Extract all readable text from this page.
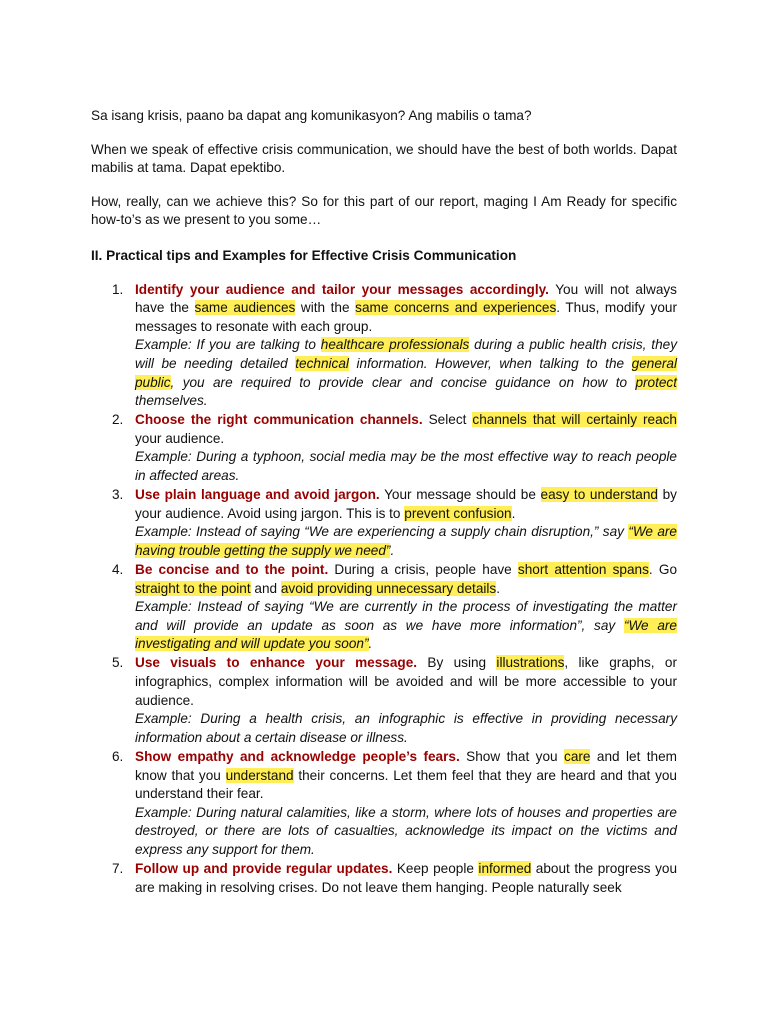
Sa isang krisis, paano ba dapat ang komunikasyon? Ang mabilis o tama?

When we speak of effective crisis communication, we should have the best of both worlds. Dapat mabilis at tama. Dapat epektibo.

How, really, can we achieve this? So for this part of our report, maging I Am Ready for specific how-to’s as we present to you some…

II. Practical tips and Examples for Effective Crisis Communication
1. Identify your audience and tailor your messages accordingly. You will not always have the same audiences with the same concerns and experiences. Thus, modify your messages to resonate with each group.
Example: If you are talking to healthcare professionals during a public health crisis, they will be needing detailed technical information. However, when talking to the general public, you are required to provide clear and concise guidance on how to protect themselves.
2. Choose the right communication channels. Select channels that will certainly reach your audience.
Example: During a typhoon, social media may be the most effective way to reach people in affected areas.
3. Use plain language and avoid jargon. Your message should be easy to understand by your audience. Avoid using jargon. This is to prevent confusion.
Example: Instead of saying “We are experiencing a supply chain disruption,” say “We are having trouble getting the supply we need”.
4. Be concise and to the point. During a crisis, people have short attention spans. Go straight to the point and avoid providing unnecessary details.
Example: Instead of saying “We are currently in the process of investigating the matter and will provide an update as soon as we have more information”, say “We are investigating and will update you soon”.
5. Use visuals to enhance your message. By using illustrations, like graphs, or infographics, complex information will be avoided and will be more accessible to your audience.
Example: During a health crisis, an infographic is effective in providing necessary information about a certain disease or illness.
6. Show empathy and acknowledge people’s fears. Show that you care and let them know that you understand their concerns. Let them feel that they are heard and that you understand their fear.
Example: During natural calamities, like a storm, where lots of houses and properties are destroyed, or there are lots of casualties, acknowledge its impact on the victims and express any support for them.
7. Follow up and provide regular updates. Keep people informed about the progress you are making in resolving crises. Do not leave them hanging. People naturally seek
